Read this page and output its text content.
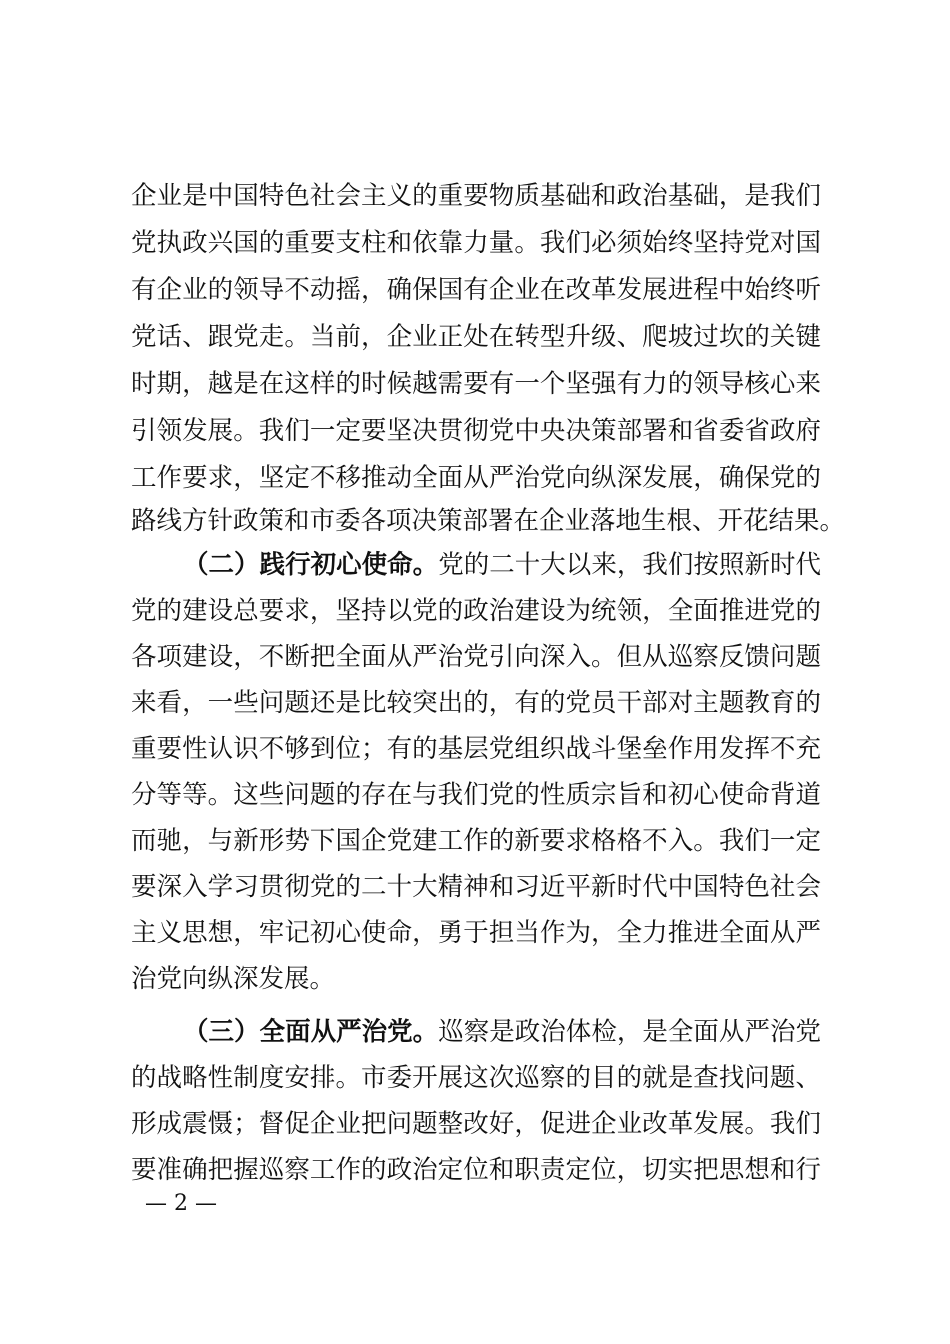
企业是中国特色社会主义的重要物质基础和政治基础，是我们
党执政兴国的重要支柱和依靠力量。我们必须始终坚持党对国
有企业的领导不动摇，确保国有企业在改革发展进程中始终听
党话、跟党走。当前，企业正处在转型升级、爬坡过坎的关键
时期，越是在这样的时候越需要有一个坚强有力的领导核心来
引领发展。我们一定要坚决贯彻党中央决策部署和省委省政府
工作要求，坚定不移推动全面从严治党向纵深发展，确保党的
路线方针政策和市委各项决策部署在企业落地生根、开花结果。
（二）践行初心使命。党的二十大以来，我们按照新时代
党的建设总要求，坚持以党的政治建设为统领，全面推进党的
各项建设，不断把全面从严治党引向深入。但从巡察反馈问题
来看，一些问题还是比较突出的，有的党员干部对主题教育的
重要性认识不够到位；有的基层党组织战斗堡垒作用发挥不充
分等等。这些问题的存在与我们党的性质宗旨和初心使命背道
而驰，与新形势下国企党建工作的新要求格格不入。我们一定
要深入学习贯彻党的二十大精神和习近平新时代中国特色社会
主义思想，牢记初心使命，勇于担当作为，全力推进全面从严
治党向纵深发展。
（三）全面从严治党。巡察是政治体检，是全面从严治党
的战略性制度安排。市委开展这次巡察的目的就是查找问题、
形成震慑；督促企业把问题整改好，促进企业改革发展。我们
要准确把握巡察工作的政治定位和职责定位，切实把思想和行
— 2 —
